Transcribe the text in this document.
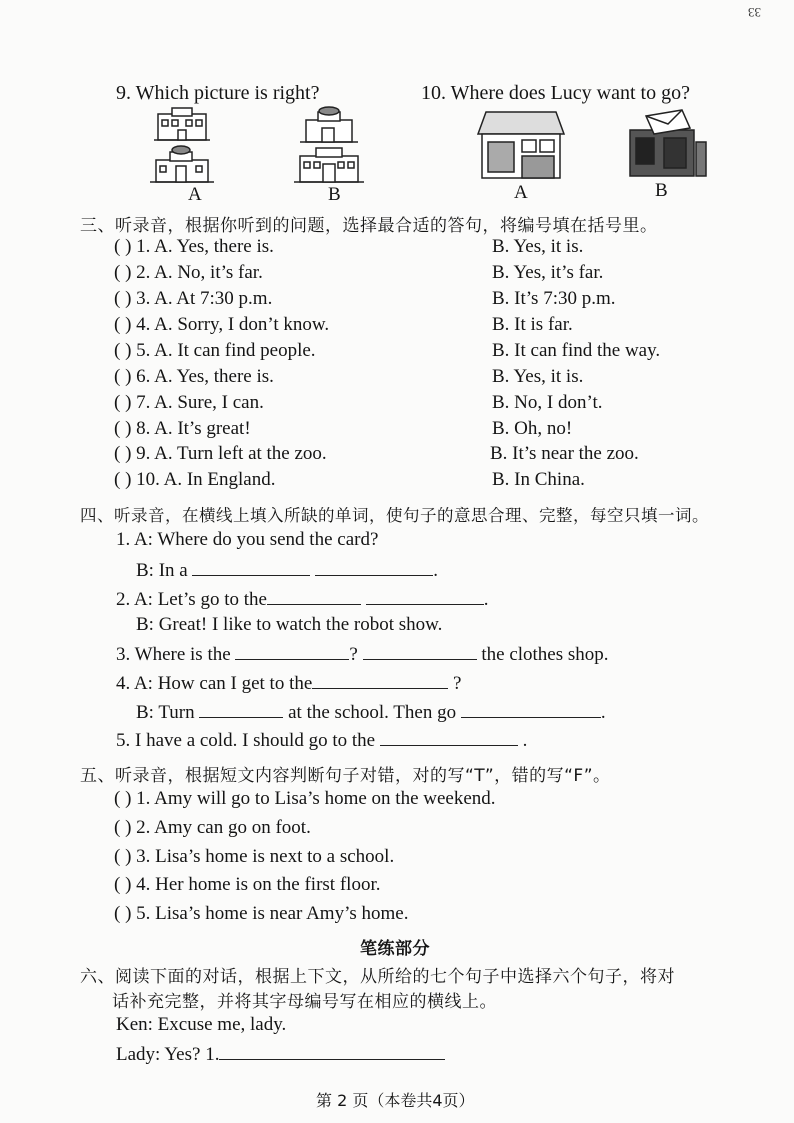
33
9. Which picture is right?	10. Where does Lucy want to go?
A	B	A	B
三、听录音，根据你听到的问题，选择最合适的答句，将编号填在括号里。
( ) 1. A. Yes, there is.	B. Yes, it is.
( ) 2. A. No, it’s far.	B. Yes, it’s far.
( ) 3. A. At 7:30 p.m.	B. It’s 7:30 p.m.
( ) 4. A. Sorry, I don’t know.	B. It is far.
( ) 5. A. It can find people.	B. It can find the way.
( ) 6. A. Yes, there is.	B. Yes, it is.
( ) 7. A. Sure, I can.	B. No, I don’t.
( ) 8. A. It’s great!	B. Oh, no!
( ) 9. A. Turn left at the zoo.	B. It’s near the zoo.
( ) 10. A. In England.	B. In China.
四、听录音，在横线上填入所缺的单词，使句子的意思合理、完整，每空只填一词。
1. A: Where do you send the card?
B: In a	.
2. A: Let’s go to the	.
B: Great! I like to watch the robot show.
3. Where is the	?	the clothes shop.
4. A: How can I get to the	?
B: Turn	at the school. Then go	.
5. I have a cold. I should go to the	.
五、听录音，根据短文内容判断句子对错，对的写“T”，错的写“F”。
( ) 1. Amy will go to Lisa’s home on the weekend.
( ) 2. Amy can go on foot.
( ) 3. Lisa’s home is next to a school.
( ) 4. Her home is on the first floor.
( ) 5. Lisa’s home is near Amy’s home.
笔练部分
六、阅读下面的对话，根据上下文，从所给的七个句子中选择六个句子，将对
话补充完整，并将其字母编号写在相应的横线上。
Ken: Excuse me, lady.
Lady: Yes? 1.
第 2 页（本卷共4页）
